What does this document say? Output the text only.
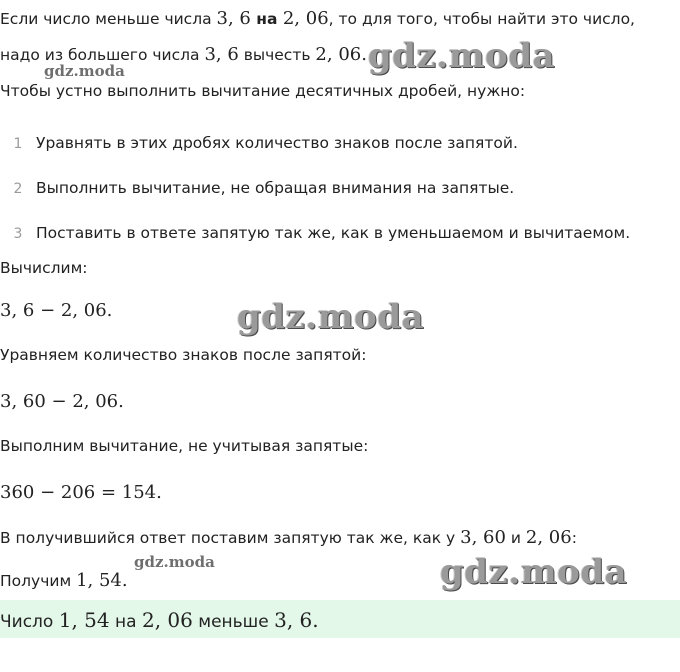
Если число меньше числа 3, 6 на 2, 06, то для того, чтобы найти это число,
надо из большего числа 3, 6 вычесть 2, 06.
Чтобы устно выполнить вычитание десятичных дробей, нужно:
1 Уравнять в этих дробях количество знаков после запятой.
2 Выполнить вычитание, не обращая внимания на запятые.
3 Поставить в ответе запятую так же, как в уменьшаемом и вычитаемом.
Вычислим:
3, 6 − 2, 06.
Уравняем количество знаков после запятой:
3, 60 − 2, 06.
Выполним вычитание, не учитывая запятые:
360 − 206 = 154.
В получившийся ответ поставим запятую так же, как у 3, 60 и 2, 06:
Получим 1, 54.
Число 1, 54 на 2, 06 меньше 3, 6.
gdz.moda
gdz.moda
gdz.moda
gdz.moda	gdz.moda
